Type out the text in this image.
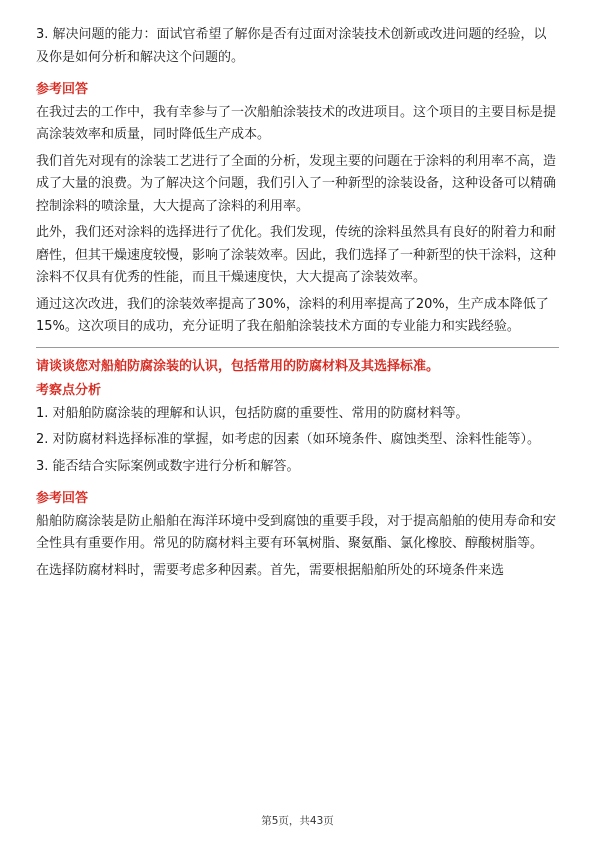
3. 解决问题的能力：面试官希望了解你是否有过面对涂装技术创新或改进问题的经验，以及你是如何分析和解决这个问题的。

参考回答

在我过去的工作中，我有幸参与了一次船舶涂装技术的改进项目。这个项目的主要目标是提高涂装效率和质量，同时降低生产成本。

我们首先对现有的涂装工艺进行了全面的分析，发现主要的问题在于涂料的利用率不高，造成了大量的浪费。为了解决这个问题，我们引入了一种新型的涂装设备，这种设备可以精确控制涂料的喷涂量，大大提高了涂料的利用率。

此外，我们还对涂料的选择进行了优化。我们发现，传统的涂料虽然具有良好的附着力和耐磨性，但其干燥速度较慢，影响了涂装效率。因此，我们选择了一种新型的快干涂料，这种涂料不仅具有优秀的性能，而且干燥速度快，大大提高了涂装效率。

通过这次改进，我们的涂装效率提高了30%，涂料的利用率提高了20%，生产成本降低了15%。这次项目的成功，充分证明了我在船舶涂装技术方面的专业能力和实践经验。

请谈谈您对船舶防腐涂装的认识，包括常用的防腐材料及其选择标准。

考察点分析

1. 对船舶防腐涂装的理解和认识，包括防腐的重要性、常用的防腐材料等。

2. 对防腐材料选择标准的掌握，如考虑的因素（如环境条件、腐蚀类型、涂料性能等）。

3. 能否结合实际案例或数字进行分析和解答。

参考回答

船舶防腐涂装是防止船舶在海洋环境中受到腐蚀的重要手段，对于提高船舶的使用寿命和安全性具有重要作用。常见的防腐材料主要有环氧树脂、聚氨酯、氯化橡胶、醇酸树脂等。

在选择防腐材料时，需要考虑多种因素。首先，需要根据船舶所处的环境条件来选

第5页，共43页
